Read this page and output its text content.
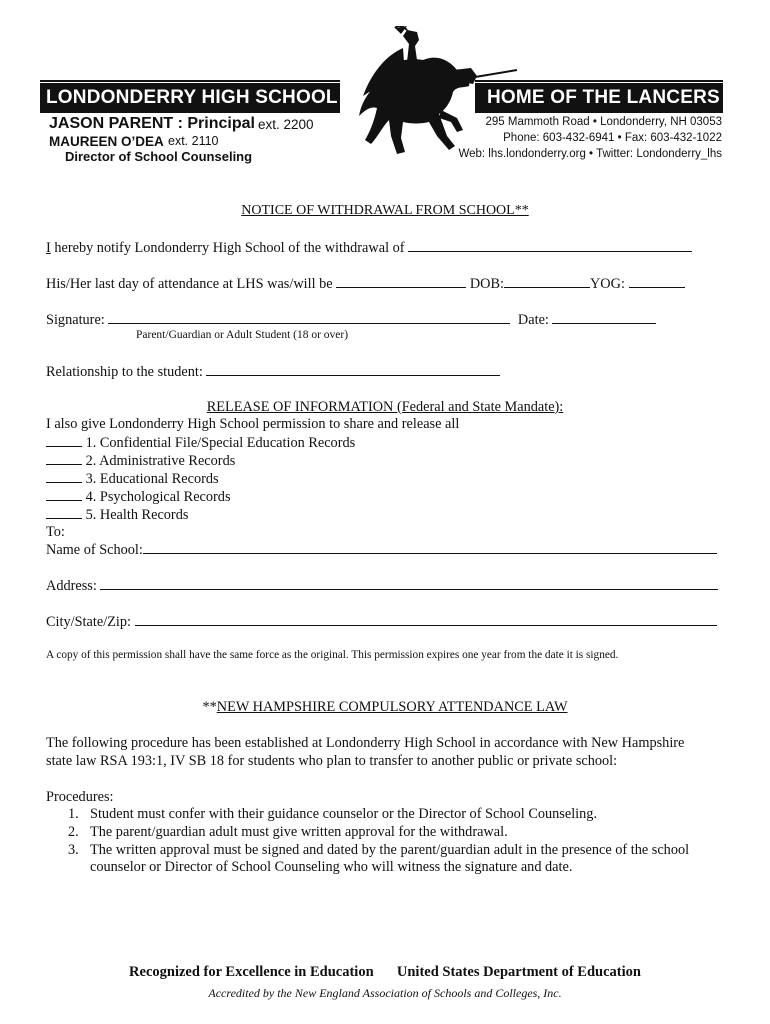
LONDONDERRY HIGH SCHOOL	HOME OF THE LANCERS
JASON PARENT : Principal ext. 2200
MAUREEN O’DEA ext. 2110
Director of School Counseling
295 Mammoth Road • Londonderry, NH 03053
Phone: 603-432-6941 • Fax: 603-432-1022
Web: lhs.londonderry.org • Twitter: Londonderry_lhs
NOTICE OF WITHDRAWAL FROM SCHOOL**
I hereby notify Londonderry High School of the withdrawal of
His/Her last day of attendance at LHS was/will be	DOB:	YOG:
Signature:	Date:
Parent/Guardian or Adult Student (18 or over)
Relationship to the student:
RELEASE OF INFORMATION (Federal and State Mandate):
I also give Londonderry High School permission to share and release all
1. Confidential File/Special Education Records
2. Administrative Records
3. Educational Records
4. Psychological Records
5. Health Records
To:
Name of School:
Address:
City/State/Zip:
A copy of this permission shall have the same force as the original. This permission expires one year from the date it is signed.
**NEW HAMPSHIRE COMPULSORY ATTENDANCE LAW
The following procedure has been established at Londonderry High School in accordance with New Hampshire
state law RSA 193:1, IV SB 18 for students who plan to transfer to another public or private school:
Procedures:
1. Student must confer with their guidance counselor or the Director of School Counseling.
2. The parent/guardian adult must give written approval for the withdrawal.
3. The written approval must be signed and dated by the parent/guardian adult in the presence of the school
counselor or Director of School Counseling who will witness the signature and date.
Recognized for Excellence in Education United States Department of Education
Accredited by the New England Association of Schools and Colleges, Inc.
